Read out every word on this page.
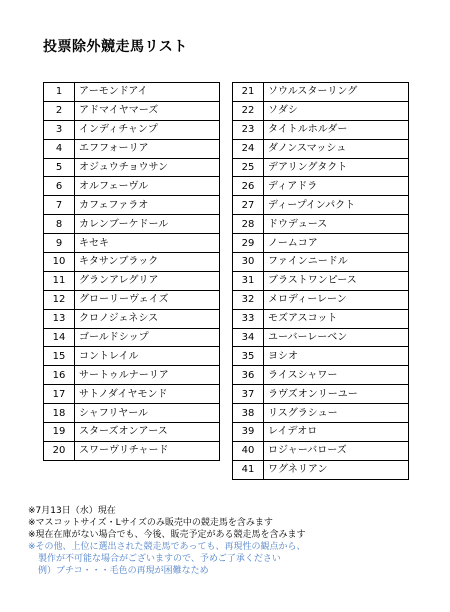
投票除外競走馬リスト
1	アーモンドアイ
2	アドマイヤマーズ
3	インディチャンプ
4	エフフォーリア
5	オジュウチョウサン
6	オルフェーヴル
7	カフェファラオ
8	カレンブーケドール
9	キセキ
10	キタサンブラック
11	グランアレグリア
12	グローリーヴェイズ
13	クロノジェネシス
14	ゴールドシップ
15	コントレイル
16	サートゥルナーリア
17	サトノダイヤモンド
18	シャフリヤール
19	スターズオンアース
20	スワーヴリチャード
21	ソウルスターリング
22	ソダシ
23	タイトルホルダー
24	ダノンスマッシュ
25	デアリングタクト
26	ディアドラ
27	ディープインパクト
28	ドウデュース
29	ノームコア
30	ファインニードル
31	ブラストワンピース
32	メロディーレーン
33	モズアスコット
34	ユーバーレーベン
35	ヨシオ
36	ライスシャワー
37	ラヴズオンリーユー
38	リスグラシュー
39	レイデオロ
40	ロジャーバローズ
41	ワグネリアン
※7月13日（水）現在
※マスコットサイズ・Lサイズのみ販売中の競走馬を含みます
※現在在庫がない場合でも、今後、販売予定がある競走馬を含みます
※その他、上位に選出された競走馬であっても、再現性の観点から、
製作が不可能な場合がございますので、予めご了承ください
例）ブチコ・・・毛色の再現が困難なため
